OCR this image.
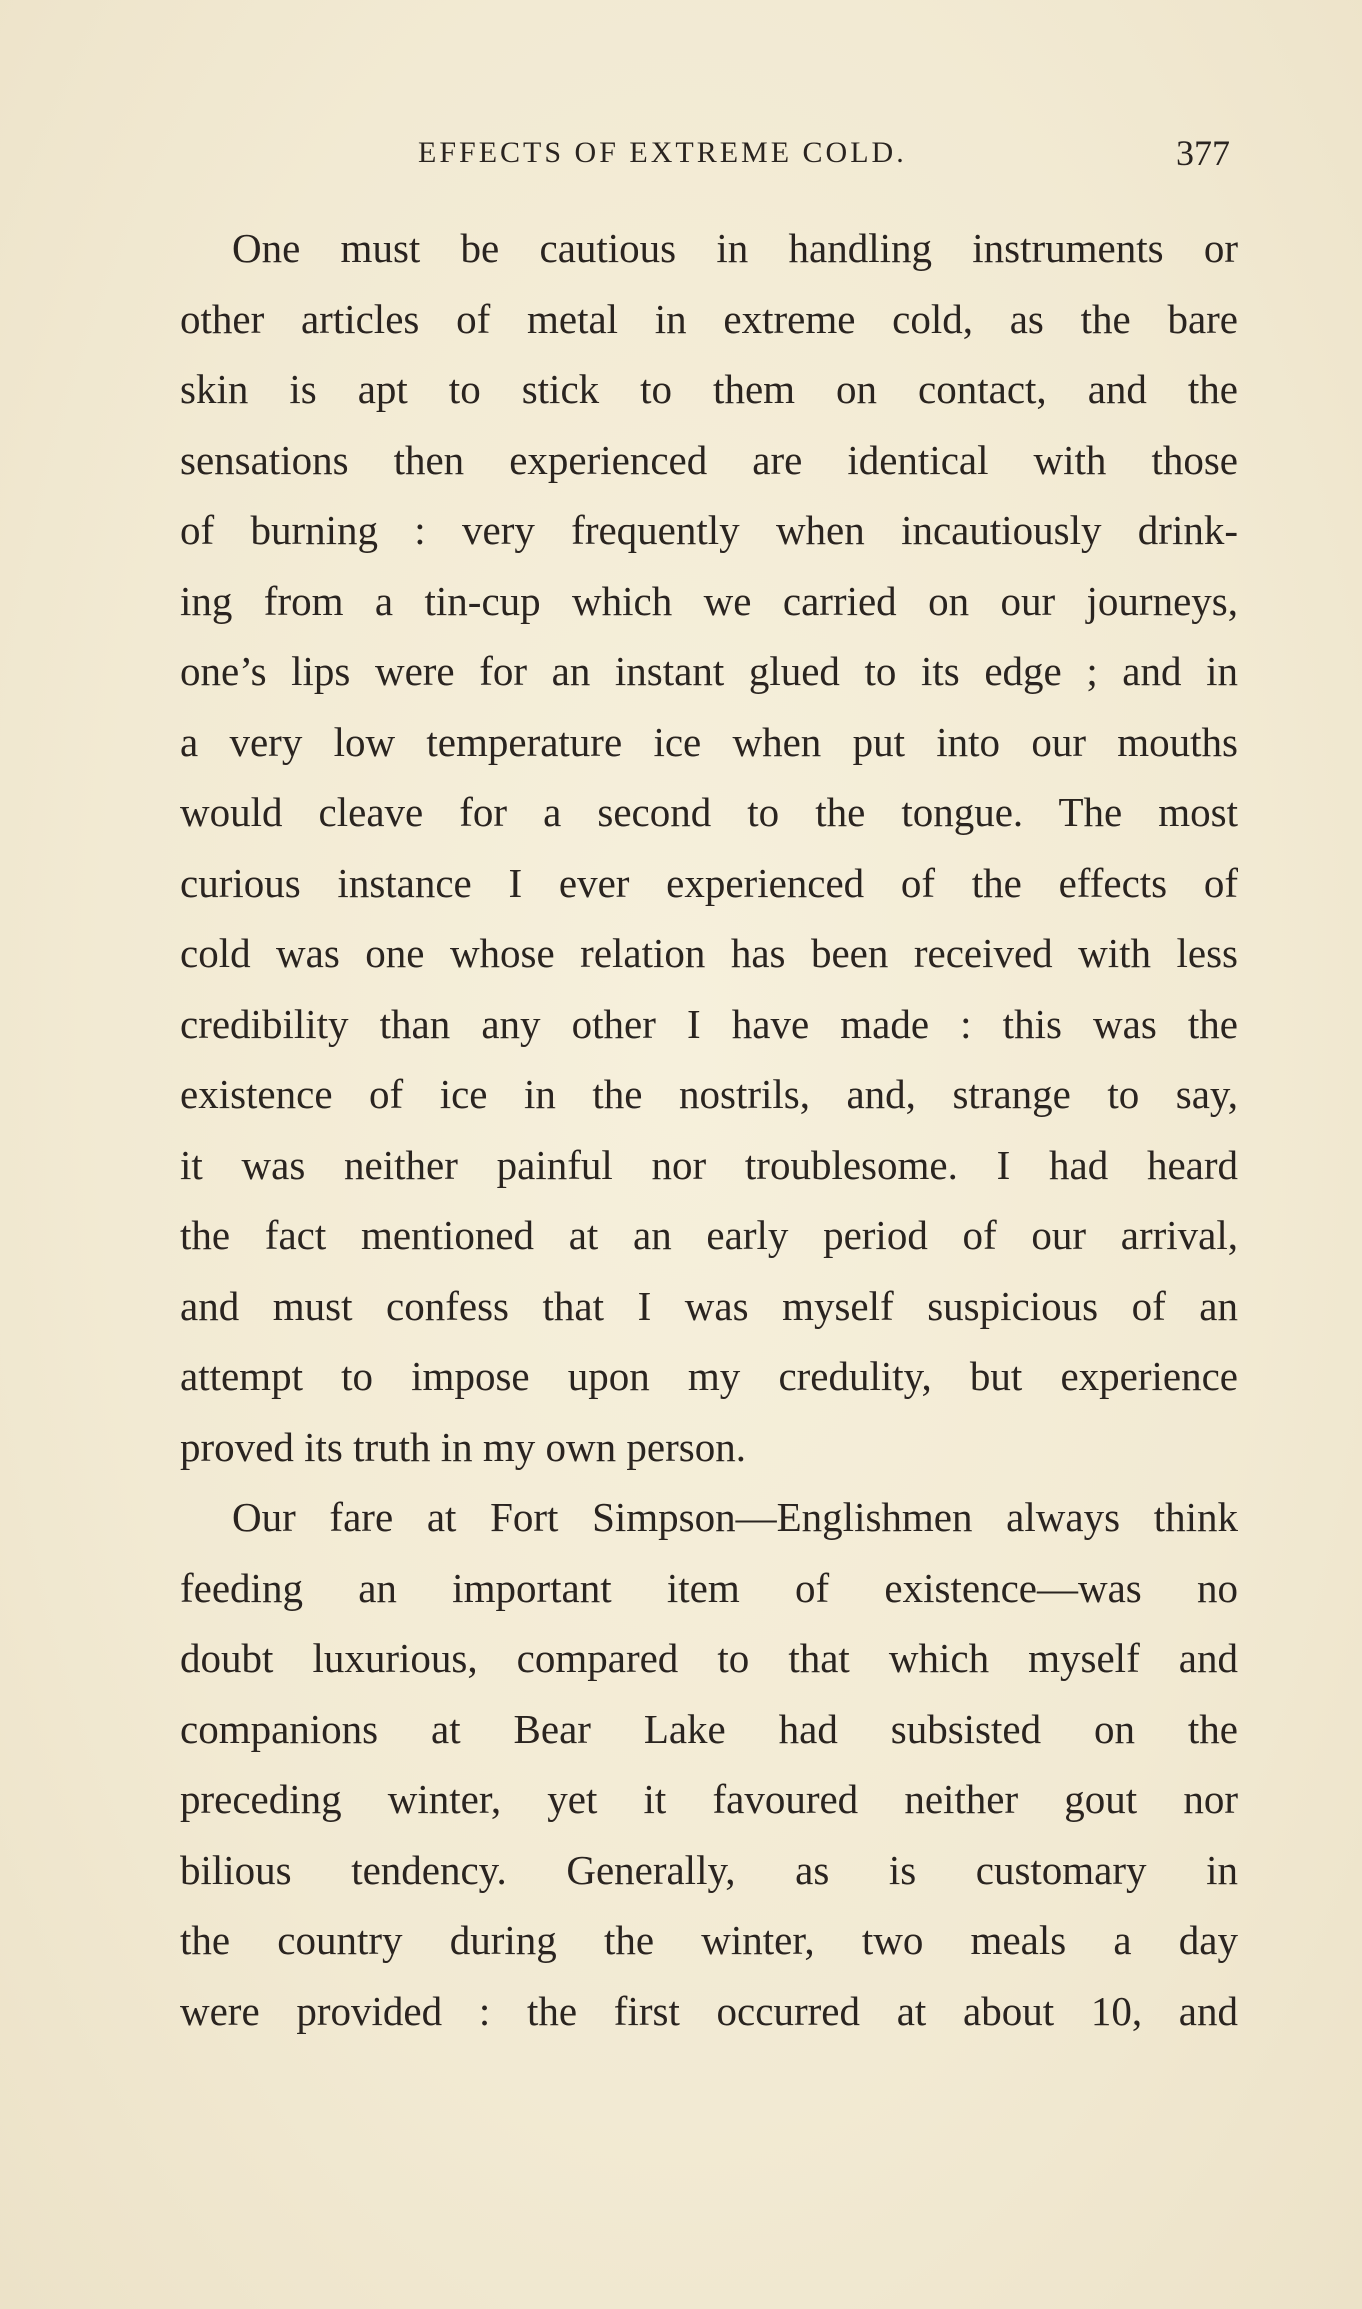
EFFECTS OF EXTREME COLD.	377
One must be cautious in handling instruments or
other articles of metal in extreme cold, as the bare
skin is apt to stick to them on contact, and the
sensations then experienced are identical with those
of burning : very frequently when incautiously drink-
ing from a tin-cup which we carried on our journeys,
one’s lips were for an instant glued to its edge ; and in
a very low temperature ice when put into our mouths
would cleave for a second to the tongue. The most
curious instance I ever experienced of the effects of
cold was one whose relation has been received with less
credibility than any other I have made : this was the
existence of ice in the nostrils, and, strange to say,
it was neither painful nor troublesome. I had heard
the fact mentioned at an early period of our arrival,
and must confess that I was myself suspicious of an
attempt to impose upon my credulity, but experience
proved its truth in my own person.
Our fare at Fort Simpson—Englishmen always think
feeding an important item of existence—was no
doubt luxurious, compared to that which myself and
companions at Bear Lake had subsisted on the
preceding winter, yet it favoured neither gout nor
bilious tendency. Generally, as is customary in
the country during the winter, two meals a day
were provided : the first occurred at about 10, and
